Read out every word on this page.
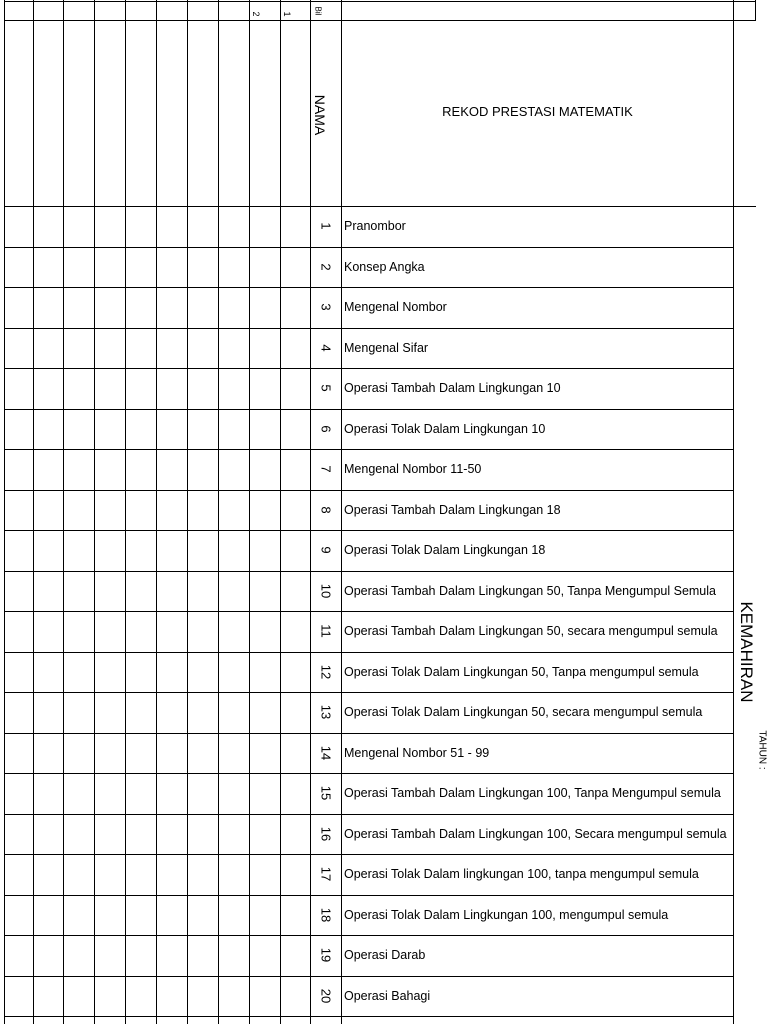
Bil
2 1
NAMA	REKOD PRESTASI MATEMATIK
KEMAHIRAN
TAHUN :
1 Pranombor
2 Konsep Angka
3 Mengenal Nombor
4 Mengenal Sifar
5 Operasi Tambah Dalam Lingkungan 10
6 Operasi Tolak Dalam Lingkungan 10
7 Mengenal Nombor 11-50
8 Operasi Tambah Dalam Lingkungan 18
9 Operasi Tolak Dalam Lingkungan 18
10 Operasi Tambah Dalam Lingkungan 50, Tanpa Mengumpul Semula
11 Operasi Tambah Dalam Lingkungan 50, secara mengumpul semula
12 Operasi Tolak Dalam Lingkungan 50, Tanpa mengumpul semula
13 Operasi Tolak Dalam Lingkungan 50, secara mengumpul semula
14 Mengenal Nombor 51 - 99
15 Operasi Tambah Dalam Lingkungan 100, Tanpa Mengumpul semula
16 Operasi Tambah Dalam Lingkungan 100, Secara mengumpul semula
17 Operasi Tolak Dalam lingkungan 100, tanpa mengumpul semula
18 Operasi Tolak Dalam Lingkungan 100, mengumpul semula
19 Operasi Darab
20 Operasi Bahagi
